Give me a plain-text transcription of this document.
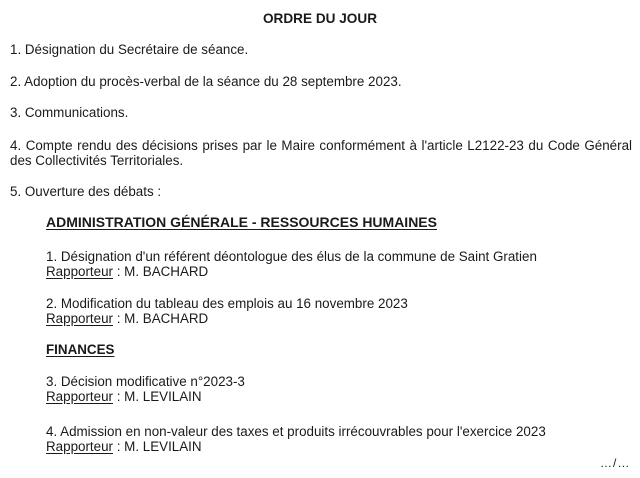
ORDRE DU JOUR
1. Désignation du Secrétaire de séance.
2. Adoption du procès-verbal de la séance du 28 septembre 2023.
3. Communications.
4. Compte rendu des décisions prises par le Maire conformément à l'article L2122-23 du Code Général des Collectivités Territoriales.
5. Ouverture des débats :
ADMINISTRATION GÉNÉRALE - RESSOURCES HUMAINES
1. Désignation d'un référent déontologue des élus de la commune de Saint Gratien
Rapporteur : M. BACHARD
2. Modification du tableau des emplois au 16 novembre 2023
Rapporteur : M. BACHARD
FINANCES
3. Décision modificative n°2023-3
Rapporteur : M. LEVILAIN
4. Admission en non-valeur des taxes et produits irrécouvrables pour l'exercice 2023
Rapporteur : M. LEVILAIN
…/…
